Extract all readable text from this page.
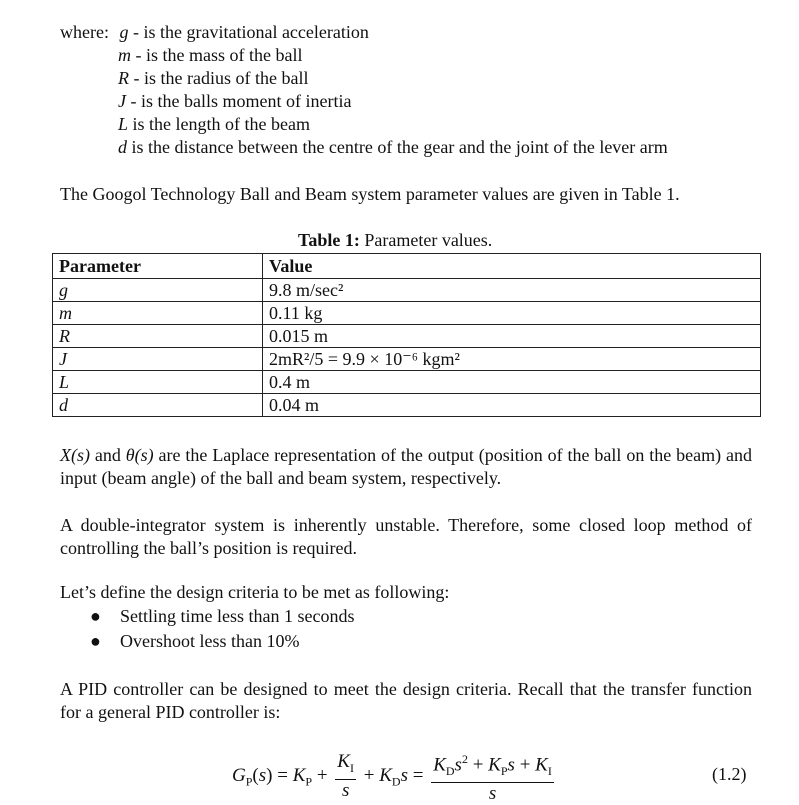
where: g - is the gravitational acceleration
m - is the mass of the ball
R - is the radius of the ball
J - is the balls moment of inertia
L is the length of the beam
d is the distance between the centre of the gear and the joint of the lever arm
The Googol Technology Ball and Beam system parameter values are given in Table 1.
Table 1: Parameter values.
Parameter	Value
g	9.8 m/sec²
m	0.11 kg
R	0.015 m
J	2mR²/5 = 9.9 × 10⁻⁶ kgm²
L	0.4 m
d	0.04 m
X(s) and θ(s) are the Laplace representation of the output (position of the ball on the beam) and input (beam angle) of the ball and beam system, respectively.
A double-integrator system is inherently unstable. Therefore, some closed loop method of controlling the ball’s position is required.
Let’s define the design criteria to be met as following:
● Settling time less than 1 seconds
● Overshoot less than 10%
A PID controller can be designed to meet the design criteria. Recall that the transfer function for a general PID controller is:
$G_P(s) = K_P + \frac{K_I}{s} + K_Ds = \frac{K_Ds^2 + K_Ps + K_I}{s}$	(1.2)
